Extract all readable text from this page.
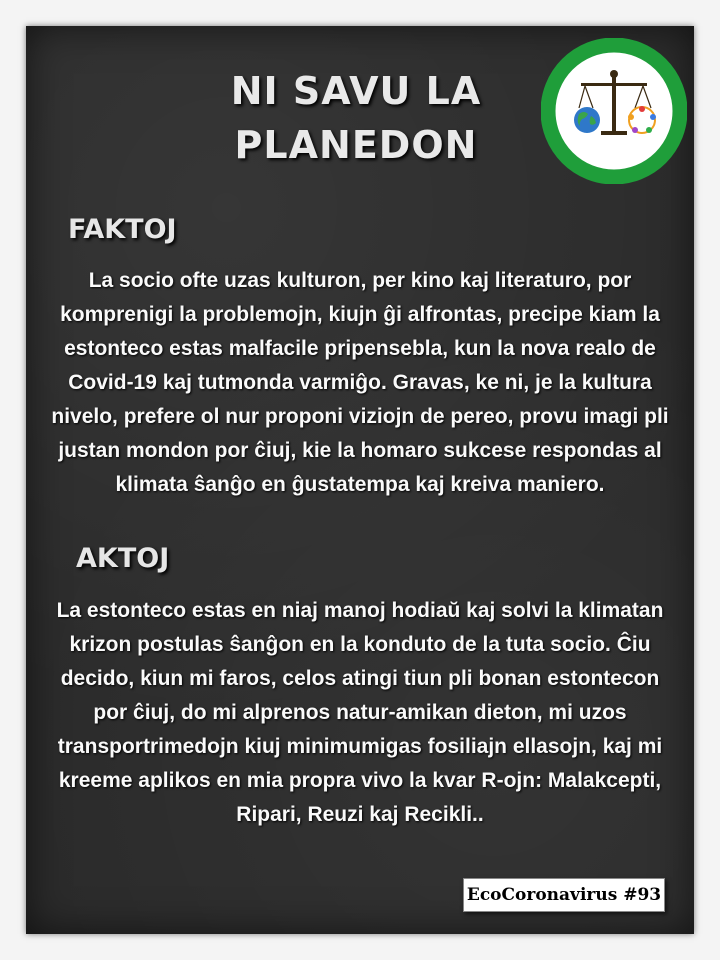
NI SAVU LA PLANEDON
VIAJ AGOJ...
...SAVAS LA PLANEDON
FAKTOJ
La socio ofte uzas kulturon, per kino kaj literaturo, por komprenigi la problemojn, kiujn ĝi alfrontas, precipe kiam la estonteco estas malfacile pripensebla, kun la nova realo de Covid-19 kaj tutmonda varmiĝo. Gravas, ke ni, je la kultura nivelo, prefere ol nur proponi viziojn de pereo, provu imagi pli justan mondon por ĉiuj, kie la homaro sukcese respondas al klimata ŝanĝo en ĝustatempa kaj kreiva maniero.
AKTOJ
La estonteco estas en niaj manoj hodiaŭ kaj solvi la klimatan krizon postulas ŝanĝon en la konduto de la tuta socio. Ĉiu decido, kiun mi faros, celos atingi tiun pli bonan estontecon por ĉiuj, do mi alprenos natur-amikan dieton, mi uzos transportrimedojn kiuj minimumigas fosiliajn ellasojn, kaj mi kreeme aplikos en mia propra vivo la kvar R-ojn: Malakcepti, Ripari, Reuzi kaj Recikli..
EcoCoronavirus #93
